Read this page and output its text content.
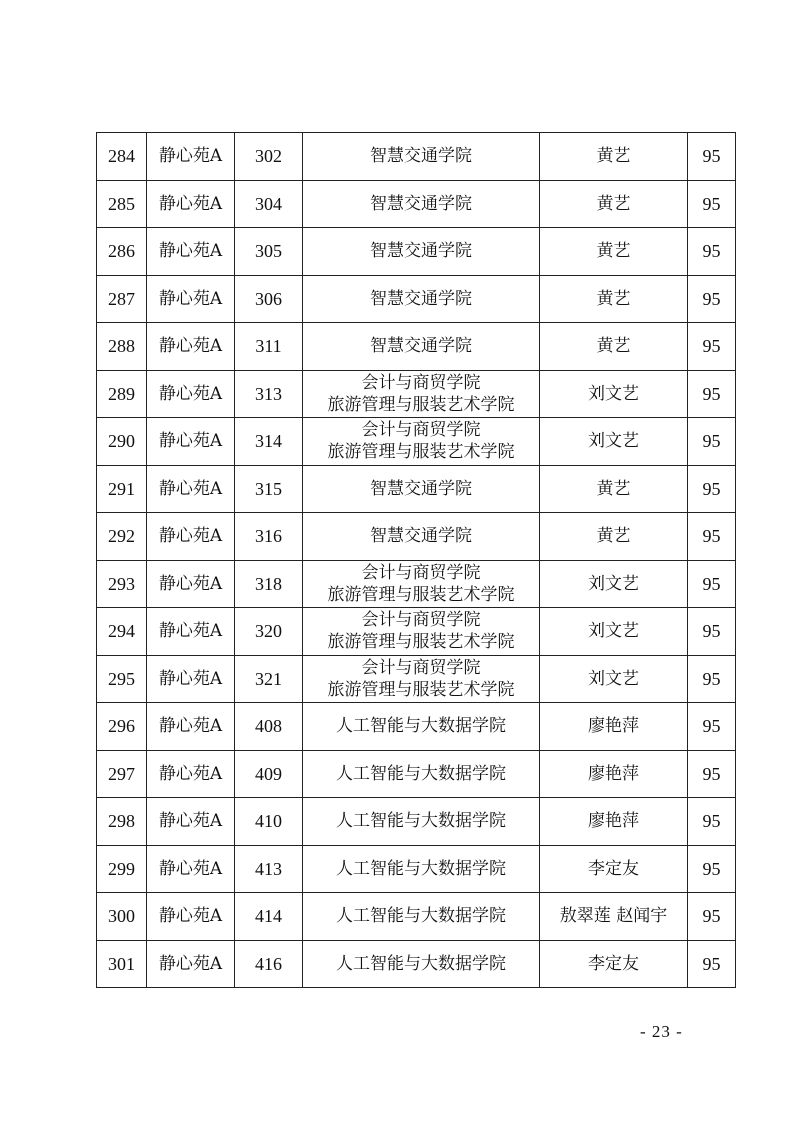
284	静心苑A	302	智慧交通学院	黄艺	95
285	静心苑A	304	智慧交通学院	黄艺	95
286	静心苑A	305	智慧交通学院	黄艺	95
287	静心苑A	306	智慧交通学院	黄艺	95
288	静心苑A	311	智慧交通学院	黄艺	95
289	静心苑A	313	会计与商贸学院
旅游管理与服装艺术学院	刘文艺	95
290	静心苑A	314	会计与商贸学院
旅游管理与服装艺术学院	刘文艺	95
291	静心苑A	315	智慧交通学院	黄艺	95
292	静心苑A	316	智慧交通学院	黄艺	95
293	静心苑A	318	会计与商贸学院
旅游管理与服装艺术学院	刘文艺	95
294	静心苑A	320	会计与商贸学院
旅游管理与服装艺术学院	刘文艺	95
295	静心苑A	321	会计与商贸学院
旅游管理与服装艺术学院	刘文艺	95
296	静心苑A	408	人工智能与大数据学院	廖艳萍	95
297	静心苑A	409	人工智能与大数据学院	廖艳萍	95
298	静心苑A	410	人工智能与大数据学院	廖艳萍	95
299	静心苑A	413	人工智能与大数据学院	李定友	95
300	静心苑A	414	人工智能与大数据学院	敖翠莲 赵闻宇	95
301	静心苑A	416	人工智能与大数据学院	李定友	95
- 23 -
